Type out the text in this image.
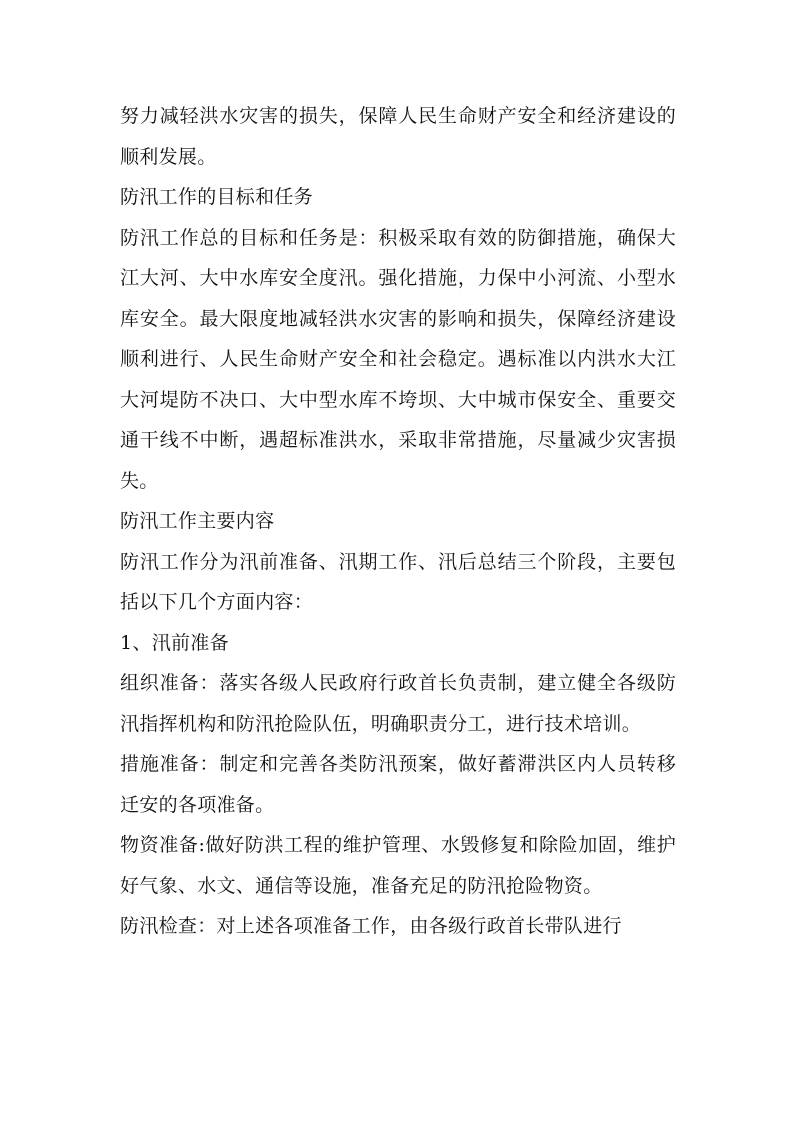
努力减轻洪水灾害的损失，保障人民生命财产安全和经济建设的顺利发展。

防汛工作的目标和任务

防汛工作总的目标和任务是：积极采取有效的防御措施，确保大江大河、大中水库安全度汛。强化措施，力保中小河流、小型水库安全。最大限度地减轻洪水灾害的影响和损失，保障经济建设顺利进行、人民生命财产安全和社会稳定。遇标准以内洪水大江大河堤防不决口、大中型水库不垮坝、大中城市保安全、重要交通干线不中断，遇超标准洪水，采取非常措施，尽量减少灾害损失。

防汛工作主要内容

防汛工作分为汛前准备、汛期工作、汛后总结三个阶段，主要包括以下几个方面内容：

1、汛前准备

组织准备：落实各级人民政府行政首长负责制，建立健全各级防汛指挥机构和防汛抢险队伍，明确职责分工，进行技术培训。

措施准备：制定和完善各类防汛预案，做好蓄滞洪区内人员转移迁安的各项准备。

物资准备:做好防洪工程的维护管理、水毁修复和除险加固，维护好气象、水文、通信等设施，准备充足的防汛抢险物资。

防汛检查：对上述各项准备工作，由各级行政首长带队进行
